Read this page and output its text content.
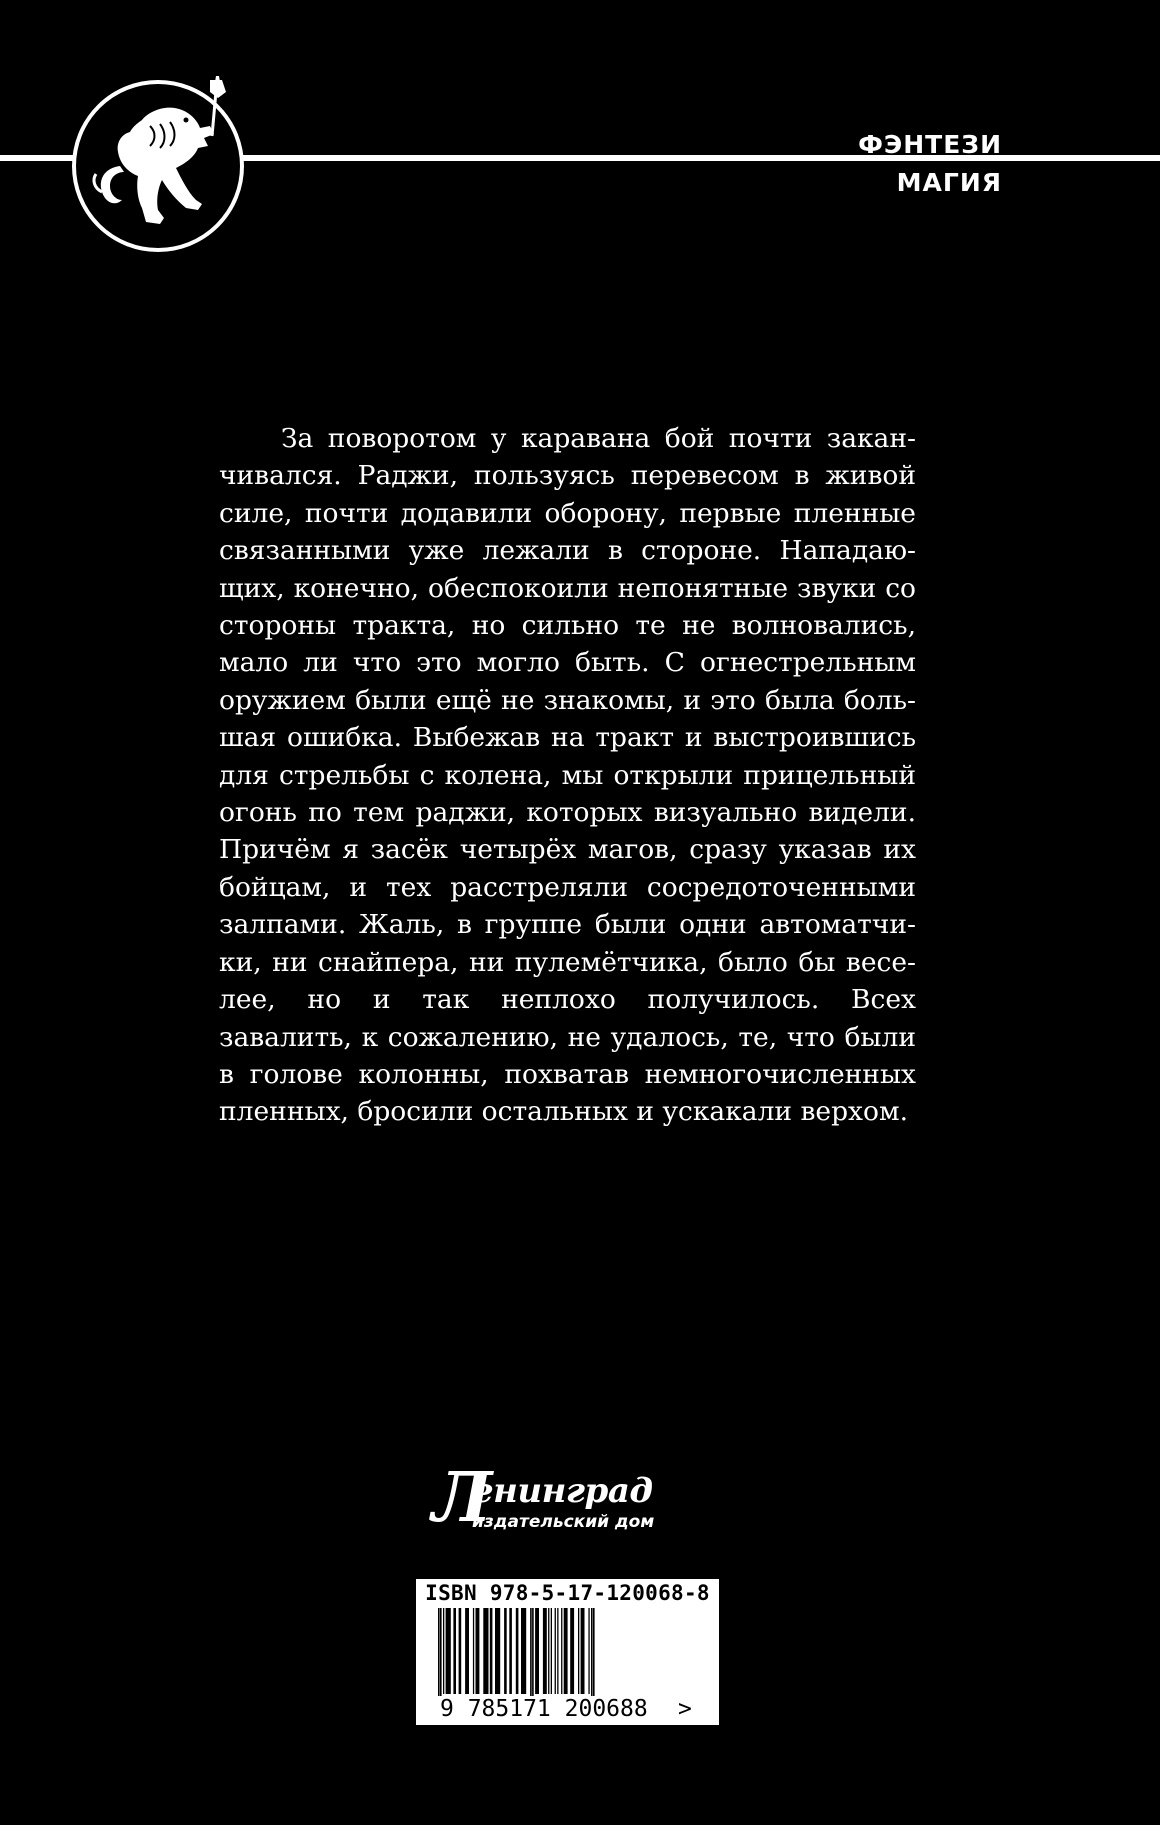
ФЭНТЕЗИ
МАГИЯ
За поворотом у каравана бой почти заканчивался. Раджи, пользуясь перевесом в живой силе, почти додавили оборону, первые пленные связанными уже лежали в стороне. Нападающих, конечно, обеспокоили непонятные звуки со стороны тракта, но сильно те не волновались, мало ли что это могло быть. С огнестрельным оружием были ещё не знакомы, и это была большая ошибка. Выбежав на тракт и выстроившись для стрельбы с колена, мы открыли прицельный огонь по тем раджи, которых визуально видели. Причём я засёк четырёх магов, сразу указав их бойцам, и тех расстреляли сосредоточенными залпами. Жаль, в группе были одни автоматчики, ни снайпера, ни пулемётчика, было бы веселее, но и так неплохо получилось. Всех завалить, к сожалению, не удалось, те, что были в голове колонны, похватав немногочисленных пленных, бросили остальных и ускакали верхом.
Л
енинград
издательский дом
ISBN 978-5-17-120068-8
9 785171 200688 >
